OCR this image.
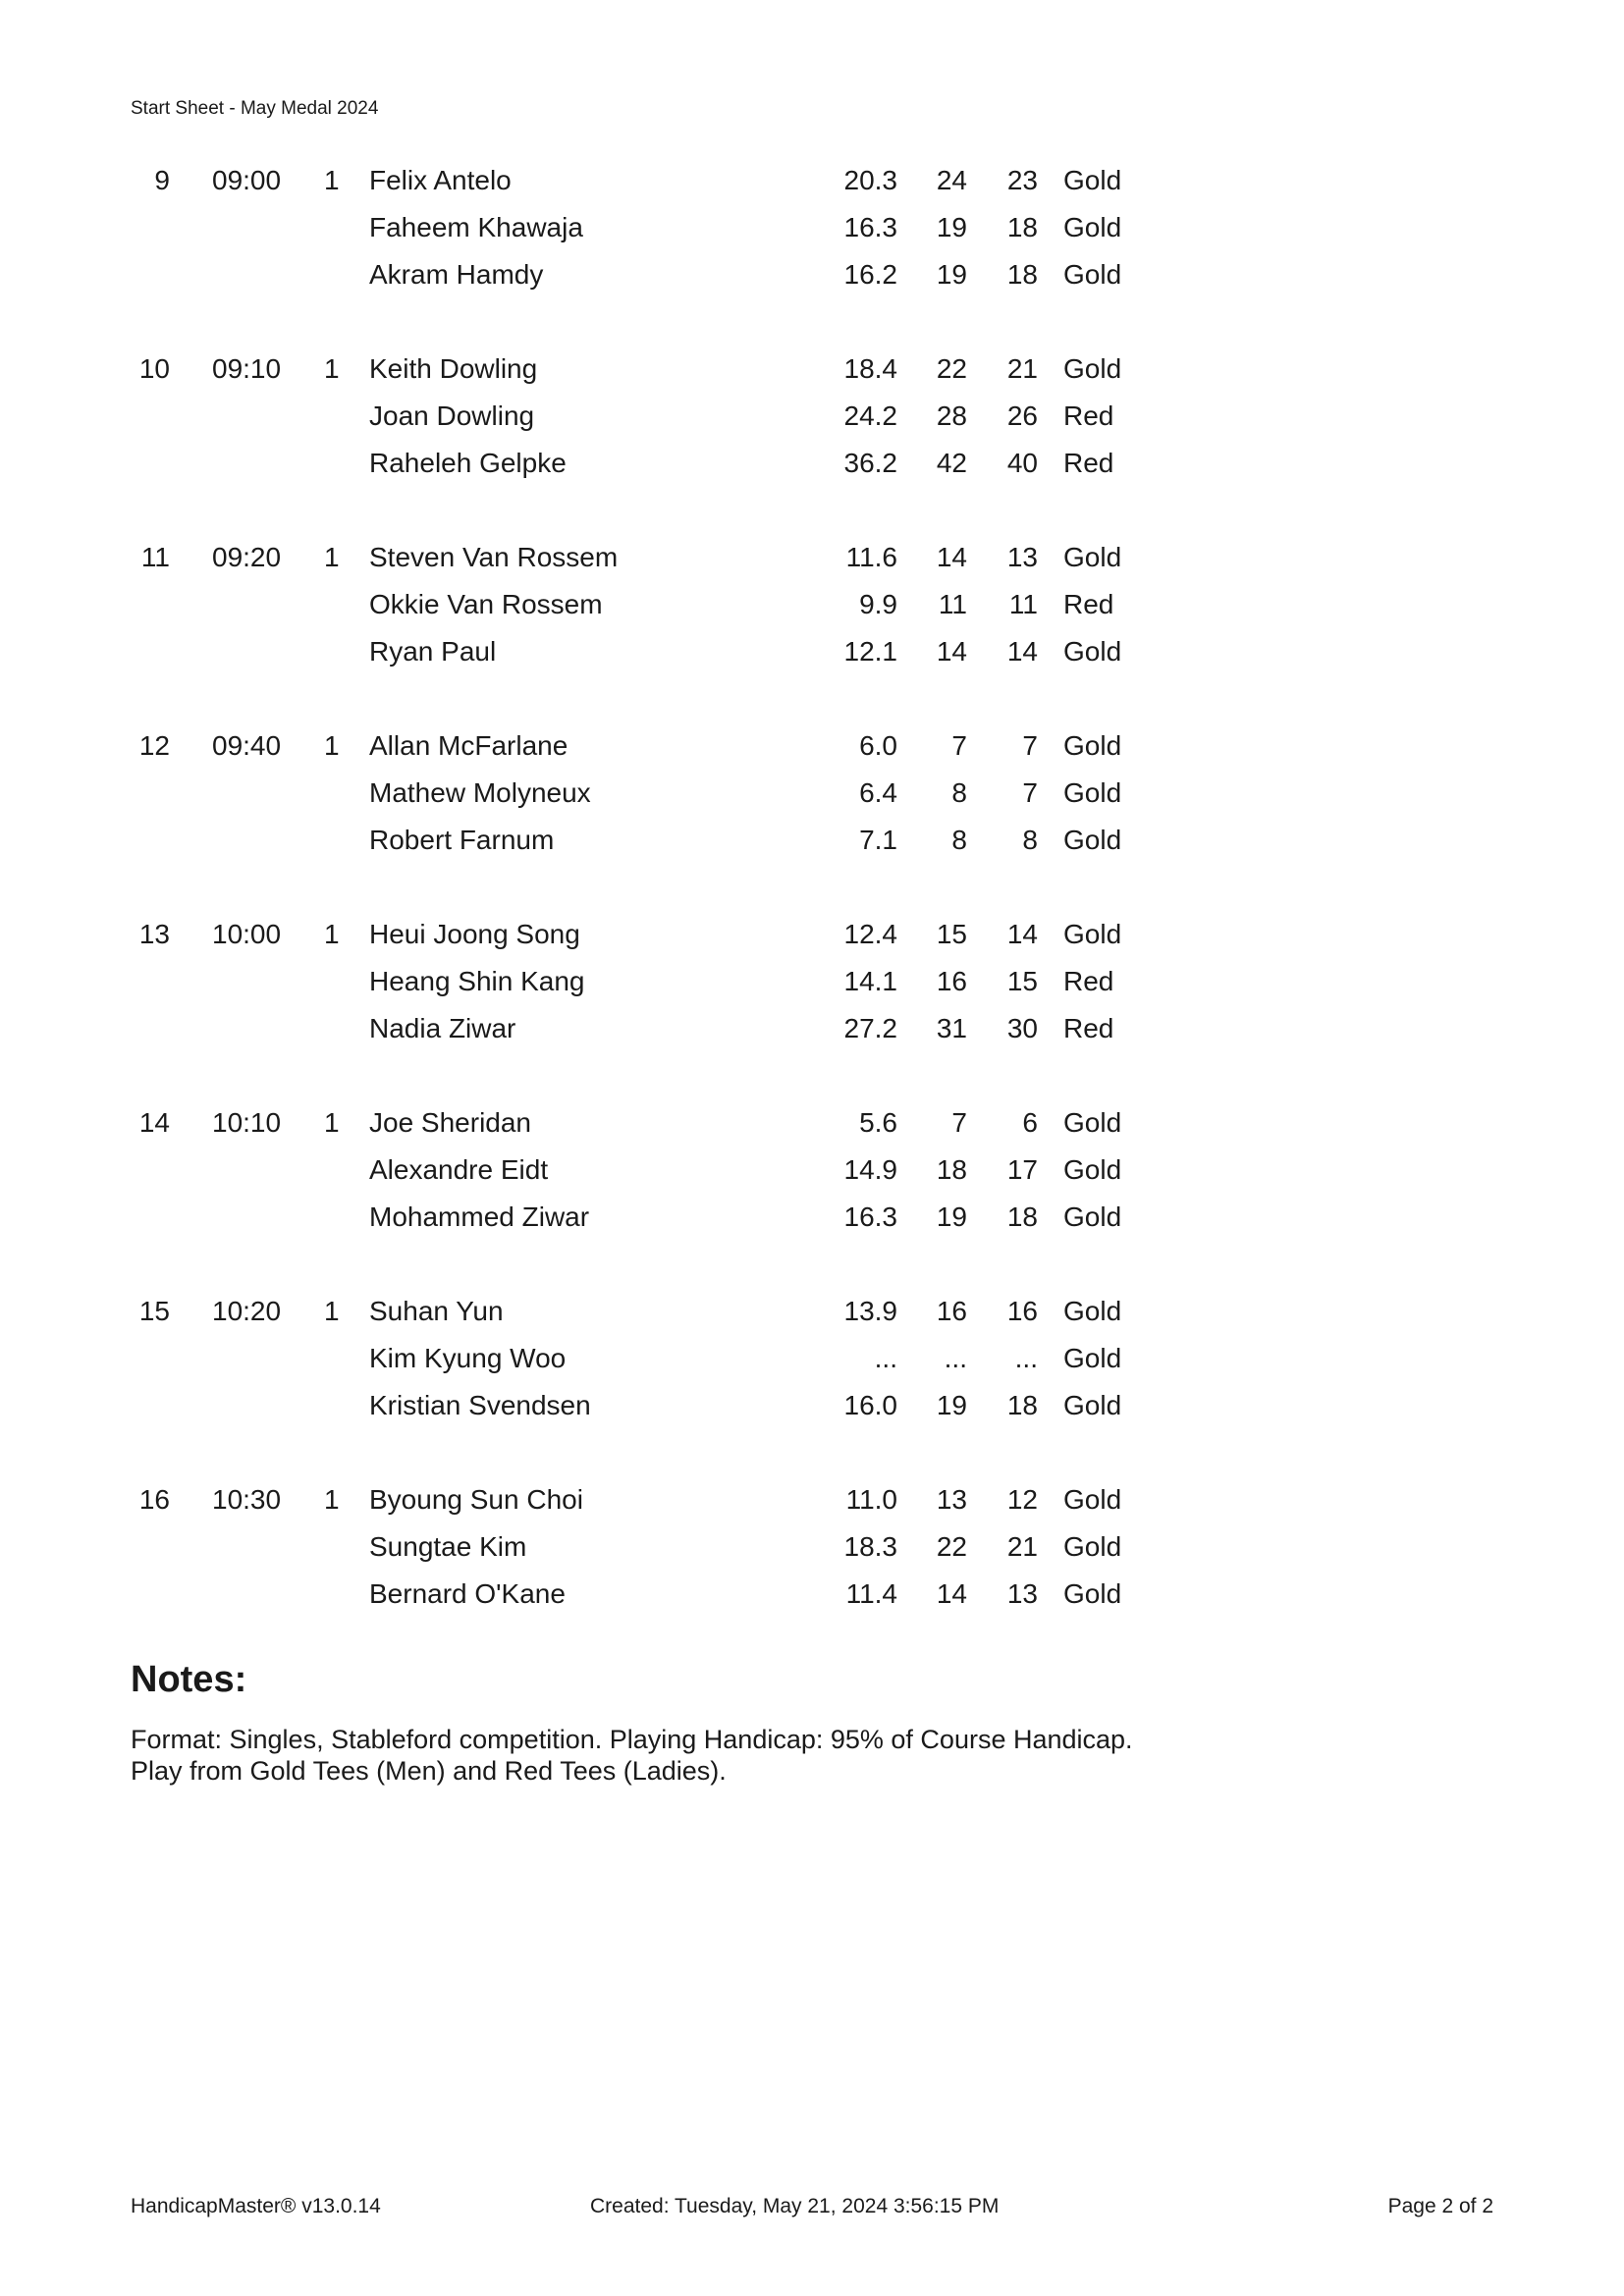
Start Sheet - May Medal 2024
9 09:00 1 Felix Antelo	20.3 24 23 Gold
Faheem Khawaja	16.3 19 18 Gold
Akram Hamdy	16.2 19 18 Gold
10 09:10 1 Keith Dowling	18.4 22 21 Gold
Joan Dowling	24.2 28 26 Red
Raheleh Gelpke	36.2 42 40 Red
11 09:20 1 Steven Van Rossem	11.6 14 13 Gold
Okkie Van Rossem	9.9 11 11 Red
Ryan Paul	12.1 14 14 Gold
12 09:40 1 Allan McFarlane	6.0 7 7 Gold
Mathew Molyneux	6.4 8 7 Gold
Robert Farnum	7.1 8 8 Gold
13 10:00 1 Heui Joong Song	12.4 15 14 Gold
Heang Shin Kang	14.1 16 15 Red
Nadia Ziwar	27.2 31 30 Red
14 10:10 1 Joe Sheridan	5.6 7 6 Gold
Alexandre Eidt	14.9 18 17 Gold
Mohammed Ziwar	16.3 19 18 Gold
15 10:20 1 Suhan Yun	13.9 16 16 Gold
Kim Kyung Woo	... ... ... Gold
Kristian Svendsen	16.0 19 18 Gold
16 10:30 1 Byoung Sun Choi	11.0 13 12 Gold
Sungtae Kim	18.3 22 21 Gold
Bernard O'Kane	11.4 14 13 Gold
Notes:
Format: Singles, Stableford competition. Playing Handicap: 95% of Course Handicap.
Play from Gold Tees (Men) and Red Tees (Ladies).
HandicapMaster® v13.0.14	Created: Tuesday, May 21, 2024 3:56:15 PM	Page 2 of 2
